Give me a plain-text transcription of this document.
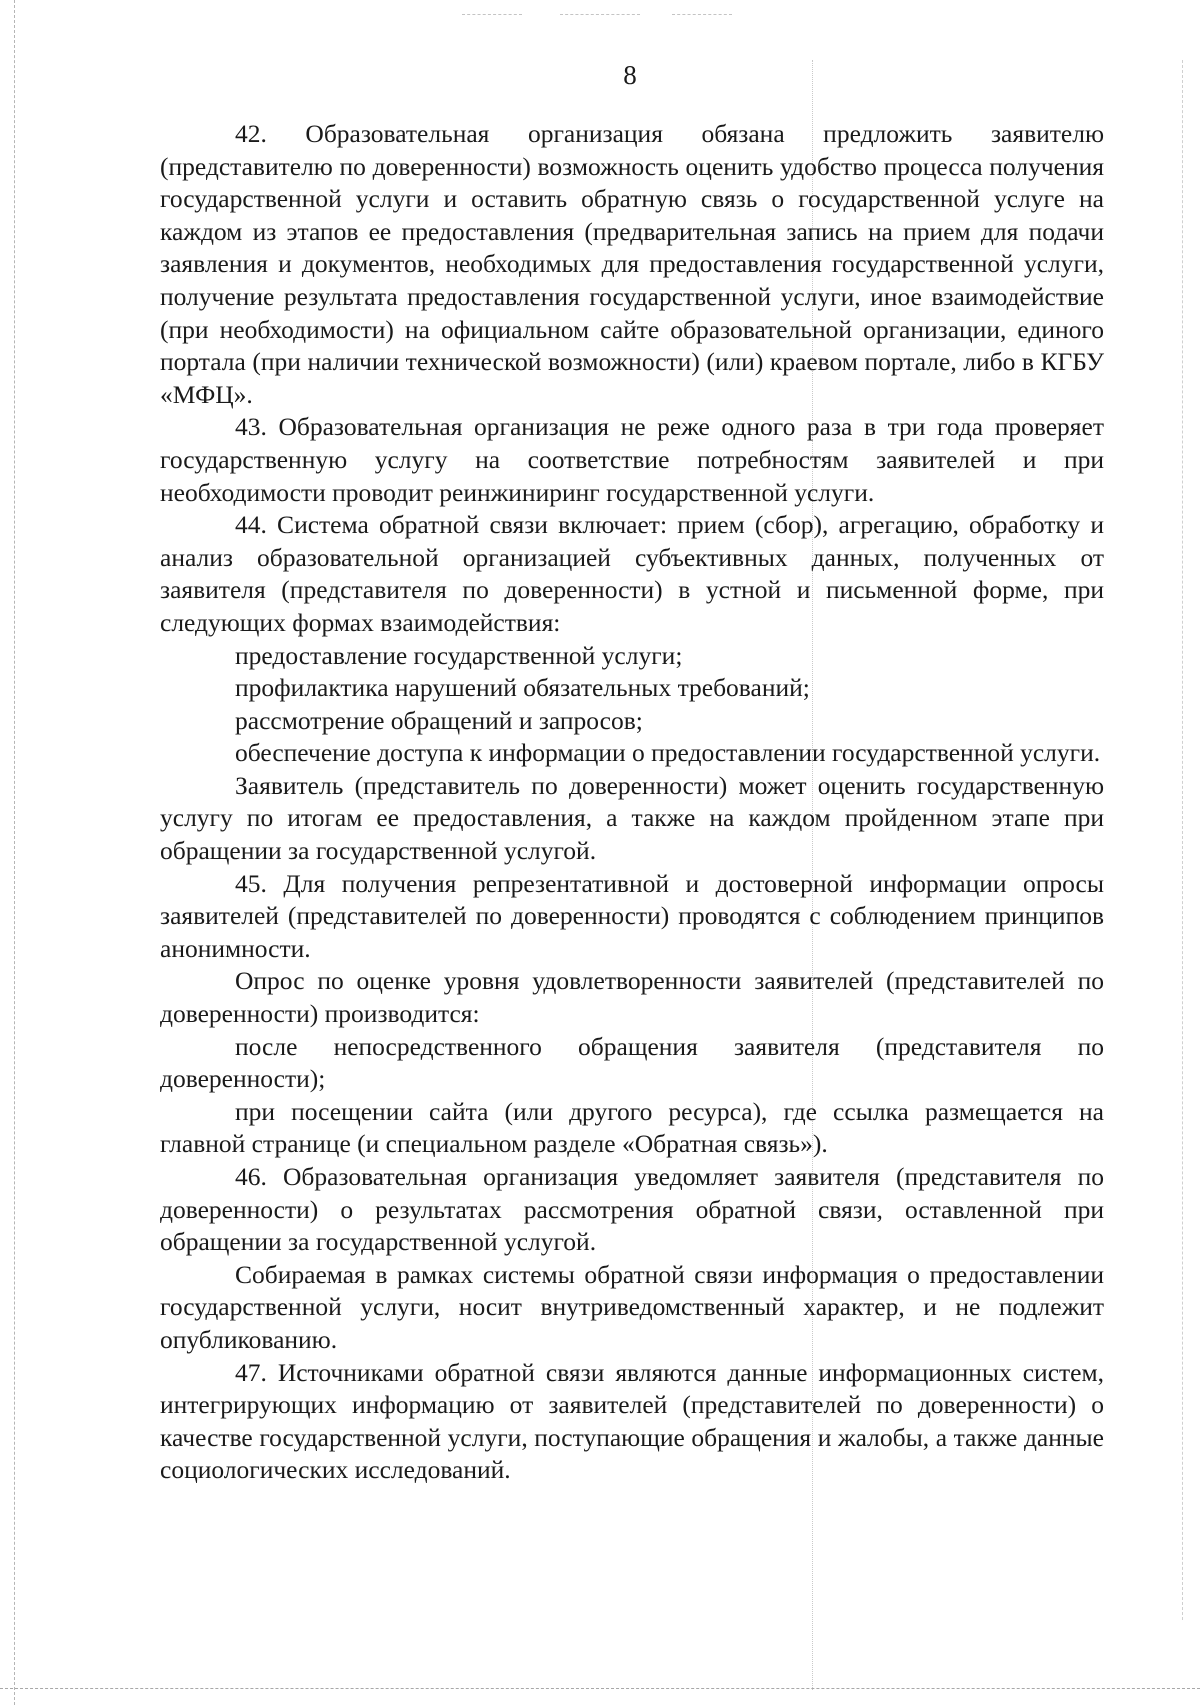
8

42. Образовательная организация обязана предложить заявителю (представителю по доверенности) возможность оценить удобство процесса получения государственной услуги и оставить обратную связь о государственной услуге на каждом из этапов ее предоставления (предварительная запись на прием для подачи заявления и документов, необходимых для предоставления государственной услуги, получение результата предоставления государственной услуги, иное взаимодействие (при необходимости) на официальном сайте образовательной организации, единого портала (при наличии технической возможности) (или) краевом портале, либо в КГБУ «МФЦ».

43. Образовательная организация не реже одного раза в три года проверяет государственную услугу на соответствие потребностям заявителей и при необходимости проводит реинжиниринг государственной услуги.

44. Система обратной связи включает: прием (сбор), агрегацию, обработку и анализ образовательной организацией субъективных данных, полученных от заявителя (представителя по доверенности) в устной и письменной форме, при следующих формах взаимодействия:

предоставление государственной услуги;

профилактика нарушений обязательных требований;

рассмотрение обращений и запросов;

обеспечение доступа к информации о предоставлении государственной услуги.

Заявитель (представитель по доверенности) может оценить государственную услугу по итогам ее предоставления, а также на каждом пройденном этапе при обращении за государственной услугой.

45. Для получения репрезентативной и достоверной информации опросы заявителей (представителей по доверенности) проводятся с соблюдением принципов анонимности.

Опрос по оценке уровня удовлетворенности заявителей (представителей по доверенности) производится:

после непосредственного обращения заявителя (представителя по доверенности);

при посещении сайта (или другого ресурса), где ссылка размещается на главной странице (и специальном разделе «Обратная связь»).

46. Образовательная организация уведомляет заявителя (представителя по доверенности) о результатах рассмотрения обратной связи, оставленной при обращении за государственной услугой.

Собираемая в рамках системы обратной связи информация о предоставлении государственной услуги, носит внутриведомственный характер, и не подлежит опубликованию.

47. Источниками обратной связи являются данные информационных систем, интегрирующих информацию от заявителей (представителей по доверенности) о качестве государственной услуги, поступающие обращения и жалобы, а также данные социологических исследований.
